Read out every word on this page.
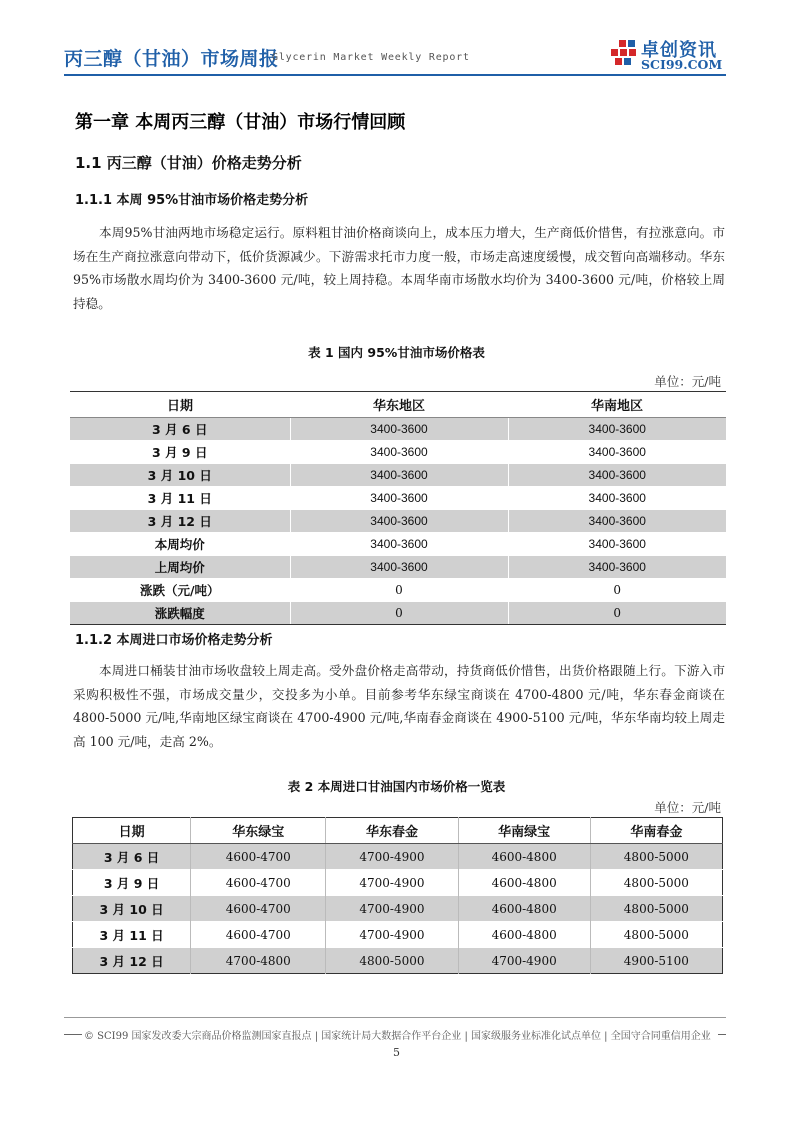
丙三醇（甘油）市场周报
Glycerin Market Weekly Report	卓创资讯
SCI99.COM
第一章 本周丙三醇（甘油）市场行情回顾
1.1 丙三醇（甘油）价格走势分析
1.1.1 本周 95%甘油市场价格走势分析
本周95%甘油两地市场稳定运行。原料粗甘油价格商谈向上，成本压力增大，生产商低价惜售，有拉涨意向。市场在生产商拉涨意向带动下，低价货源减少。下游需求托市力度一般，市场走高速度缓慢，成交暂向高端移动。华东 95%市场散水周均价为 3400-3600 元/吨，较上周持稳。本周华南市场散水均价为 3400-3600 元/吨，价格较上周持稳。
表 1 国内 95%甘油市场价格表
单位：元/吨
日期	华东地区	华南地区
3 月 6 日	3400-3600	3400-3600
3 月 9 日	3400-3600	3400-3600
3 月 10 日	3400-3600	3400-3600
3 月 11 日	3400-3600	3400-3600
3 月 12 日	3400-3600	3400-3600
本周均价	3400-3600	3400-3600
上周均价	3400-3600	3400-3600
涨跌（元/吨）	0	0
涨跌幅度	0	0
1.1.2 本周进口市场价格走势分析
本周进口桶装甘油市场收盘较上周走高。受外盘价格走高带动，持货商低价惜售，出货价格跟随上行。下游入市采购积极性不强，市场成交量少，交投多为小单。目前参考华东绿宝商谈在 4700-4800 元/吨，华东春金商谈在 4800-5000 元/吨,华南地区绿宝商谈在 4700-4900 元/吨,华南春金商谈在 4900-5100 元/吨，华东华南均较上周走高 100 元/吨，走高 2%。
表 2 本周进口甘油国内市场价格一览表
单位：元/吨
日期	华东绿宝	华东春金	华南绿宝	华南春金
3 月 6 日	4600-4700	4700-4900	4600-4800	4800-5000
3 月 9 日	4600-4700	4700-4900	4600-4800	4800-5000
3 月 10 日	4600-4700	4700-4900	4600-4800	4800-5000
3 月 11 日	4600-4700	4700-4900	4600-4800	4800-5000
3 月 12 日	4700-4800	4800-5000	4700-4900	4900-5100
© SCI99 国家发改委大宗商品价格监测国家直报点 | 国家统计局大数据合作平台企业 | 国家级服务业标准化试点单位 | 全国守合同重信用企业
5
